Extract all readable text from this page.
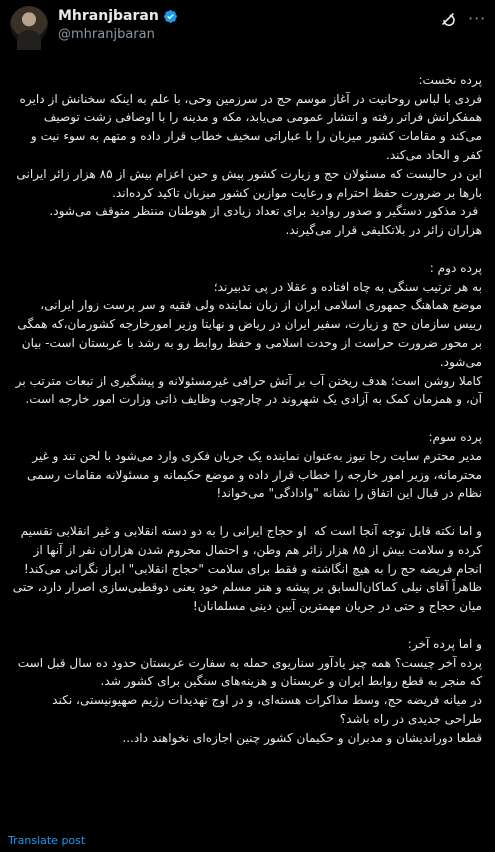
Mhranjbaran
@mhranjbaran
···

پرده نخست:
فردی با لباس روحانیت در آغاز موسم حج در سرزمین وحی، با علم به اینکه سخنانش از دایره همفکرانش فراتر رفته و انتشار عمومی می‌یابد، مکه و مدینه را با اوصافی زشت توصیف می‌کند و مقامات کشور میزبان را با عباراتی سخیف خطاب قرار داده و متهم به سوء نیت و کفر و الحاد می‌کند.
این در حالیست که مسئولان حج و زیارت کشور پیش و حین اعزام بیش از ۸۵ هزار زائر ایرانی بارها بر ضرورت حفظ احترام و رعایت موازین کشور میزبان تاکید کرده‌اند.
فرد مذکور دستگیر و صدور روادید برای تعداد زیادی از هوطنان منتظر متوقف می‌شود. هزاران زائر در بلاتکلیفی قرار می‌گیرند.

پرده دوم :
به هر ترتیب سنگی به چاه افتاده و عقلا در پی تدبیرند؛
موضع هماهنگ جمهوری اسلامی ایران از زبان نماینده ولی فقیه و سر پرست زوار ایرانی، رییس سازمان حج و زیارت، سفیر ایران در ریاض و نهایتا وزیر امورخارجه کشورمان،که همگی بر محور ضرورت حراست از وحدت اسلامی و حفظ روابط رو به رشد با عربستان است- بیان می‌شود.
کاملا روشن است؛ هدف ریختن آب بر آتش حرافی غیرمسئولانه و پیشگیری از تبعات مترتب بر آن، و همزمان کمک به آزادی یک شهروند در چارچوب وظایف ذاتی وزارت امور خارجه است.

پرده سوم:
مدیر محترم سایت رجا نیوز به‌عنوان نماینده یک جریان فکری وارد می‌شود با لحن تند و غیر محترمانه، وزیر امور خارجه را خطاب قرار داده و موضع حکیمانه و مسئولانه مقامات رسمی نظام در قبال این اتفاق را نشانه "وادادگی" می‌خواند!

و اما نکته قابل توجه آنجا است که  او حجاج ایرانی را به دو دسته انقلابی و غیر انقلابی تقسیم کرده و سلامت بیش از ۸۵ هزار زائر هم وطن، و احتمال محروم شدن هزاران نفر از آنها از انجام فریضه حج را به هیچ انگاشته و فقط برای سلامت "حجاج انقلابی" ابراز نگرانی می‌کند!
ظاهراً آقای نیلی کماکان‌السابق بر پیشه و هنر مسلم خود یعنی دوقطبی‌سازی اصرار دارد، حتی میان حجاج و حتی در جریان مهمترین آیین دینی مسلمانان!

و اما پرده آخر:
پرده آخر چیست؟ همه چیز یادآور سناریوی حمله به سفارت عربستان حدود ده سال قبل است که منجر به قطع روابط ایران و عربستان و هزینه‌های سنگین برای کشور شد.
در میانه فریضه حج، وسط مذاکرات هسته‌ای، و در اوج تهدیدات رژیم صهیونیستی، نکند طراحی جدیدی در راه باشد؟
قطعا دوراندیشان و مدبران و حکیمان کشور چنین اجازه‌ای نخواهند داد...

Translate post
